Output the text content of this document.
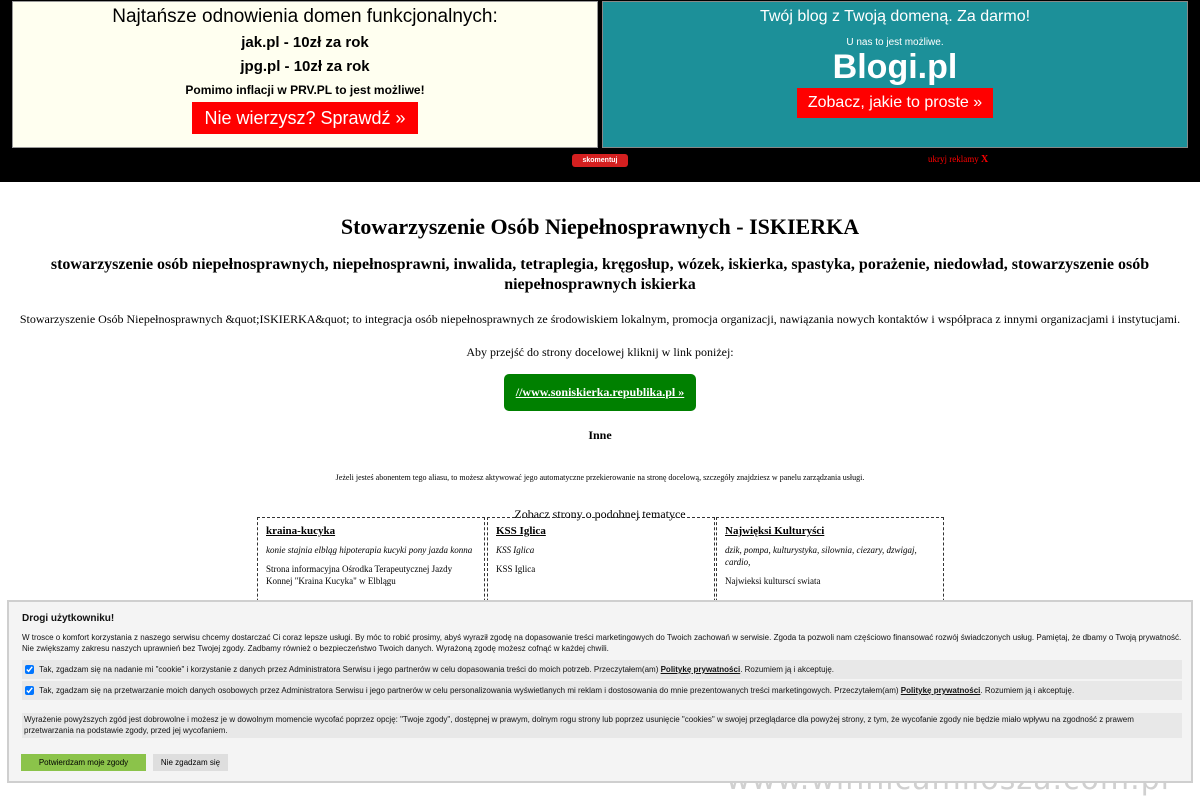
Najtańsze odnowienia domen funkcjonalnych:
jak.pl - 10zł za rok
jpg.pl - 10zł za rok
Pomimo inflacji w PRV.PL to jest możliwe!
Nie wierzysz? Sprawdź »
Twój blog z Twoją domeną. Za darmo!
U nas to jest możliwe.
Blogi.pl
Zobacz, jakie to proste »
skomentuj	ukryj reklamy X
Stowarzyszenie Osób Niepełnosprawnych - ISKIERKA
stowarzyszenie osób niepełnosprawnych, niepełnosprawni, inwalida, tetraplegia, kręgosłup, wózek, iskierka, spastyka, porażenie, niedowład, stowarzyszenie osób niepełnosprawnych iskierka

Stowarzyszenie Osób Niepełnosprawnych &quot;ISKIERKA&quot; to integracja osób niepełnosprawnych ze środowiskiem lokalnym, promocja organizacji, nawiązania nowych kontaktów i współpraca z innymi organizacjami i instytucjami.

Aby przejść do strony docelowej kliknij w link poniżej:

//www.soniskierka.republika.pl »

Inne

Jeżeli jesteś abonentem tego aliasu, to możesz aktywować jego automatyczne przekierowanie na stronę docelową, szczegóły znajdziesz w panelu zarządzania usługi.

Zobacz strony o podobnej tematyce

kraina-kucyka
konie stajnia elbląg hipoterapia kucyki pony jazda konna
Strona informacyjna Ośrodka Terapeutycznej Jazdy Konnej "Kraina Kucyka" w Elblągu
KSS Iglica
KSS Iglica
KSS Iglica
Najwięksi Kulturyści
dzik, pompa, kulturystyka, silownia, ciezary, dzwigaj, cardio,
Najwieksi kulturscí swiata
Drogi użytkowniku!
W trosce o komfort korzystania z naszego serwisu chcemy dostarczać Ci coraz lepsze usługi. By móc to robić prosimy, abyś wyraził zgodę na dopasowanie treści marketingowych do Twoich zachowań w serwisie. Zgoda ta pozwoli nam częściowo finansować rozwój świadczonych usług. Pamiętaj, że dbamy o Twoją prywatność. Nie zwiększamy zakresu naszych uprawnień bez Twojej zgody. Zadbamy również o bezpieczeństwo Twoich danych. Wyrażoną zgodę możesz cofnąć w każdej chwili.
Tak, zgadzam się na nadanie mi "cookie" i korzystanie z danych przez Administratora Serwisu i jego partnerów w celu dopasowania treści do moich potrzeb. Przeczytałem(am) Politykę prywatności. Rozumiem ją i akceptuję.
Tak, zgadzam się na przetwarzanie moich danych osobowych przez Administratora Serwisu i jego partnerów w celu personalizowania wyświetlanych mi reklam i dostosowania do mnie prezentowanych treści marketingowych. Przeczytałem(am) Politykę prywatności. Rozumiem ją i akceptuję.
Wyrażenie powyższych zgód jest dobrowolne i możesz je w dowolnym momencie wycofać poprzez opcję: "Twoje zgody", dostępnej w prawym, dolnym rogu strony lub poprzez usunięcie "cookies" w swojej przeglądarce dla powyżej strony, z tym, że wycofanie zgody nie będzie miało wpływu na zgodność z prawem przetwarzania na podstawie zgody, przed jej wycofaniem.
Potwierdzam moje zgody	Nie zgadzam się
